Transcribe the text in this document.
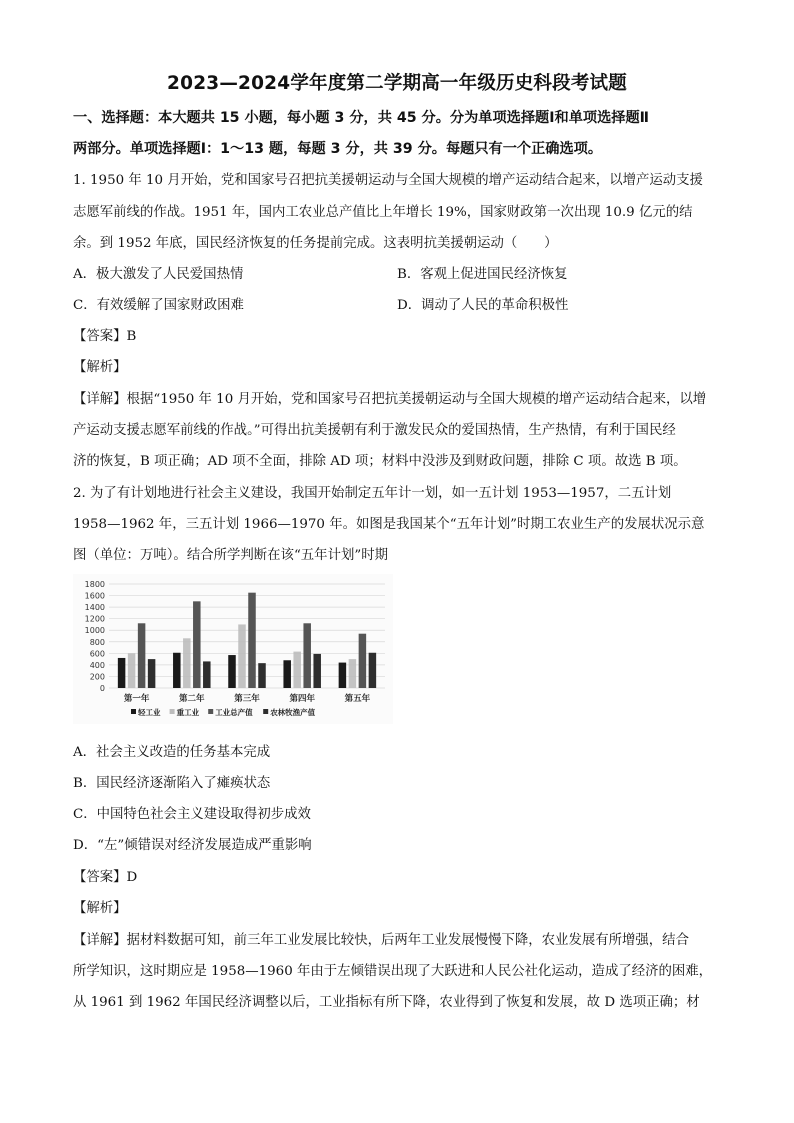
2023—2024学年度第二学期高一年级历史科段考试题
一、选择题：本大题共 15 小题，每小题 3 分，共 45 分。分为单项选择题Ⅰ和单项选择题Ⅱ
两部分。单项选择题Ⅰ：1～13 题，每题 3 分，共 39 分。每题只有一个正确选项。
1. 1950 年 10 月开始，党和国家号召把抗美援朝运动与全国大规模的增产运动结合起来，以增产运动支援
志愿军前线的作战。1951 年，国内工农业总产值比上年增长 19%，国家财政第一次出现 10.9 亿元的结
余。到 1952 年底，国民经济恢复的任务提前完成。这表明抗美援朝运动（　　）
A．极大激发了人民爱国热情	B．客观上促进国民经济恢复
C．有效缓解了国家财政困难	D．调动了人民的革命积极性
【答案】B
【解析】
【详解】根据“1950 年 10 月开始，党和国家号召把抗美援朝运动与全国大规模的增产运动结合起来，以增
产运动支援志愿军前线的作战。”可得出抗美援朝有利于激发民众的爱国热情，生产热情，有利于国民经
济的恢复，B 项正确；AD 项不全面，排除 AD 项；材料中没涉及到财政问题，排除 C 项。故选 B 项。
2. 为了有计划地进行社会主义建设，我国开始制定五年计一划，如一五计划 1953—1957，二五计划
1958—1962 年，三五计划 1966—1970 年。如图是我国某个“五年计划”时期工农业生产的发展状况示意
图（单位：万吨）。结合所学判断在该“五年计划”时期
0
200
400
600
800
1000
1200
1400
1600
1800
第一年	第二年	第三年	第四年	第五年
轻工业 重工业 工业总产值 农林牧渔产值
A．社会主义改造的任务基本完成
B．国民经济逐渐陷入了瘫痪状态
C．中国特色社会主义建设取得初步成效
D．“左”倾错误对经济发展造成严重影响
【答案】D
【解析】
【详解】据材料数据可知，前三年工业发展比较快，后两年工业发展慢慢下降，农业发展有所增强，结合
所学知识，这时期应是 1958—1960 年由于左倾错误出现了大跃进和人民公社化运动，造成了经济的困难，
从 1961 到 1962 年国民经济调整以后，工业指标有所下降，农业得到了恢复和发展，故 D 选项正确；材
